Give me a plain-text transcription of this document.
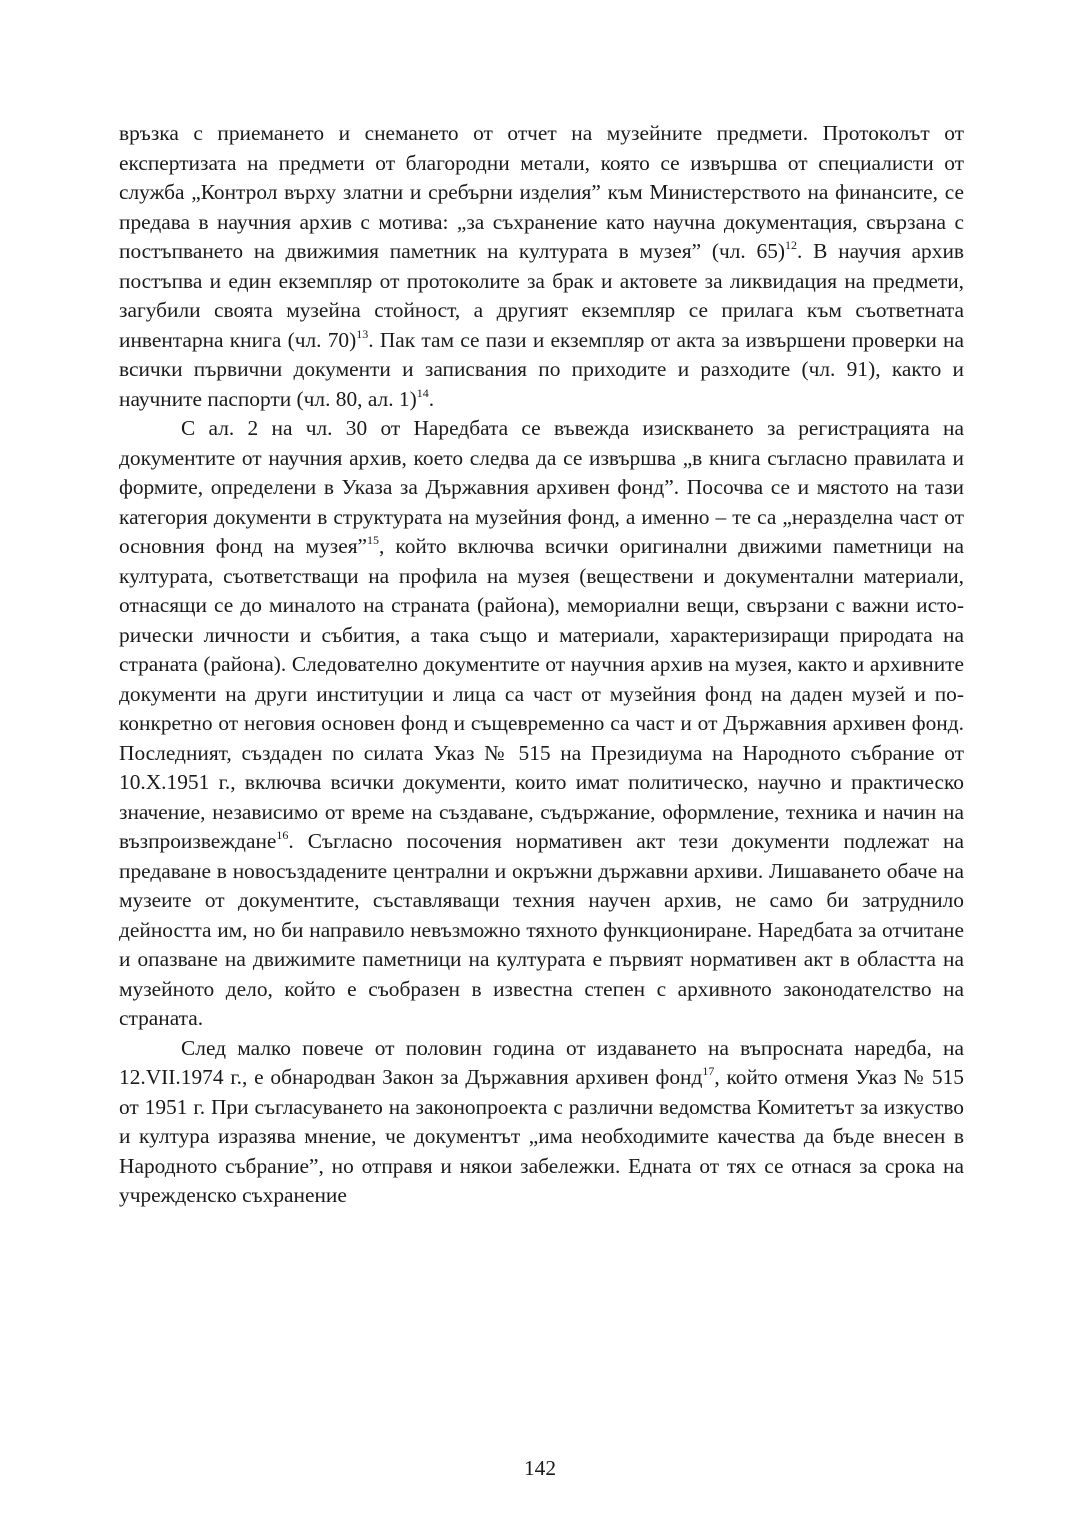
връзка с приемането и снемането от отчет на музейните предмети. Протоколът от експертизата на предмети от благородни метали, която се извършва от специалисти от служба „Контрол върху златни и сребърни изделия” към Министерството на финансите, се предава в научния архив с мотива: „за съхранение като научна документация, свързана с постъпването на движимия паметник на културата в музея” (чл. 65)$^{12}$. В научия архив постъпва и един екземпляр от протоколите за брак и актовете за ликвидация на предмети, загубили своята музейна стойност, а другият екземпляр се прилага към съответната инвентарна книга (чл. 70)$^{13}$. Пак там се пази и екземпляр от акта за извършени проверки на всички първични документи и записвания по приходите и разходите (чл. 91), както и научните паспорти (чл. 80, ал. 1)$^{14}$.

С ал. 2 на чл. 30 от Наредбата се въвежда изискването за регистрацията на документите от научния архив, което следва да се извършва „в книга съгласно правилата и формите, определени в Указа за Държавния архивен фонд”. Посочва се и мястото на тази категория документи в структурата на музейния фонд, а именно – те са „неразделна част от основния фонд на музея”$^{15}$, който включва всички оригинални движими паметници на културата, съответстващи на профила на музея (веществени и документални материали, отнасящи се до миналото на страната (района), мемориални вещи, свързани с важни исторически личности и събития, а така също и материали, характеризиращи природата на страната (района). Следователно документите от научния архив на музея, както и архивните документи на други институции и лица са част от музейния фонд на даден музей и по-конкретно от неговия основен фонд и същевременно са част и от Държавния архивен фонд. Последният, създаден по силата Указ № 515 на Президиума на Народното събрание от 10.X.1951 г., включва всички документи, които имат политическо, научно и практическо значение, независимо от време на създаване, съдържание, оформление, техника и начин на възпроизвеждане$^{16}$. Съгласно посочения нормативен акт тези документи подлежат на предаване в новосъздадените централни и окръжни държавни архиви. Лишаването обаче на музеите от документите, съставляващи техния научен архив, не само би затруднило дейността им, но би направило невъзможно тяхното функциониране. Наредбата за отчитане и опазване на движимите паметници на културата е първият нормативен акт в областта на музейното дело, който е съобразен в известна степен с архивното законодателство на страната.

След малко повече от половин година от издаването на въпросната наредба, на 12.VII.1974 г., е обнародван Закон за Държавния архивен фонд$^{17}$, който отменя Указ № 515 от 1951 г. При съгласуването на законопроекта с различни ведомства Комитетът за изкуство и култура изразява мнение, че документът „има необходимите качества да бъде внесен в Народното събрание”, но отправя и някои забележки. Едната от тях се отнася за срока на учрежденско съхранение

142
